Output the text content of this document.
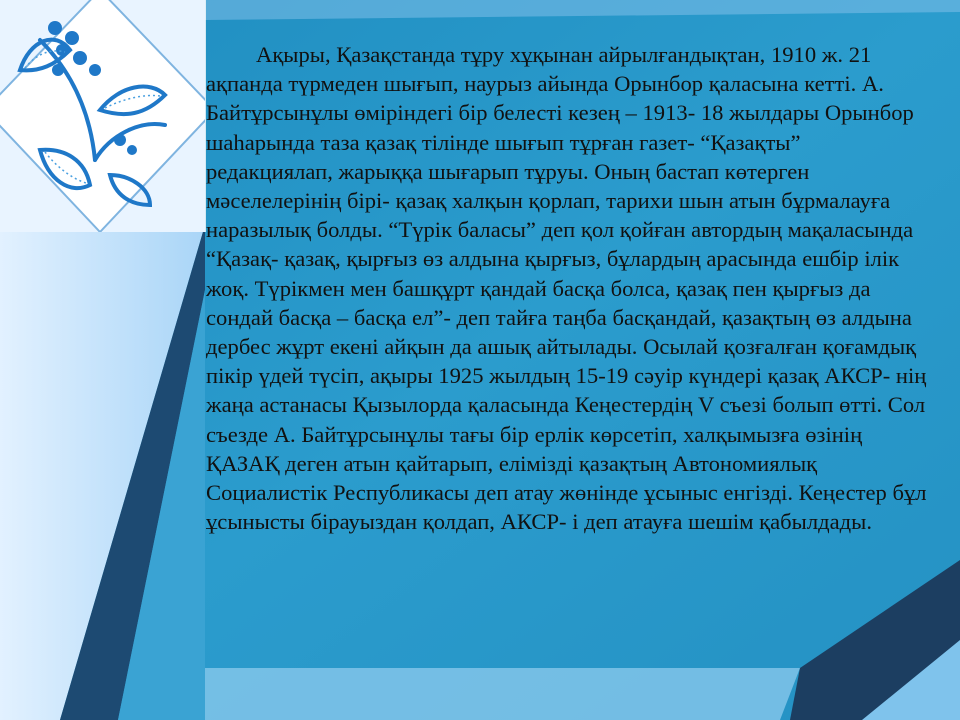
Ақыры, Қазақстанда тұру хұқынан айрылғандықтан, 1910 ж. 21 ақпанда түрмеден шығып, наурыз айында Орынбор қаласына кетті. А. Байтұрсынұлы өміріндегі бір белесті кезең – 1913- 18 жылдары Орынбор шаһарында таза қазақ тілінде шығып тұрған газет- “Қазақты” редакциялап, жарыққа шығарып тұруы. Оның бастап көтерген мәселелерінің бірі- қазақ халқын қорлап, тарихи шын атын бұрмалауға наразылық болды. “Түрік баласы” деп қол қойған автордың мақаласында “Қазақ- қазақ, қырғыз өз алдына қырғыз, бұлардың арасында ешбір ілік жоқ. Түрікмен мен башқұрт қандай басқа болса, қазақ пен қырғыз да сондай басқа – басқа ел”- деп тайға таңба басқандай, қазақтың өз алдына дербес жұрт екені айқын да ашық айтылады. Осылай қозғалған қоғамдық пікір үдей түсіп, ақыры 1925 жылдың 15-19 сәуір күндері қазақ АКСР- нің жаңа астанасы Қызылорда қаласында Кеңестердің V съезі болып өтті. Сол съезде А. Байтұрсынұлы тағы бір ерлік көрсетіп, халқымызға өзінің ҚАЗАҚ деген атын қайтарып, елімізді қазақтың Автономиялық Социалистік Республикасы деп атау жөнінде ұсыныс енгізді. Кеңестер бұл ұсынысты бірауыздан қолдап, АКСР- і деп атауға шешім қабылдады.
